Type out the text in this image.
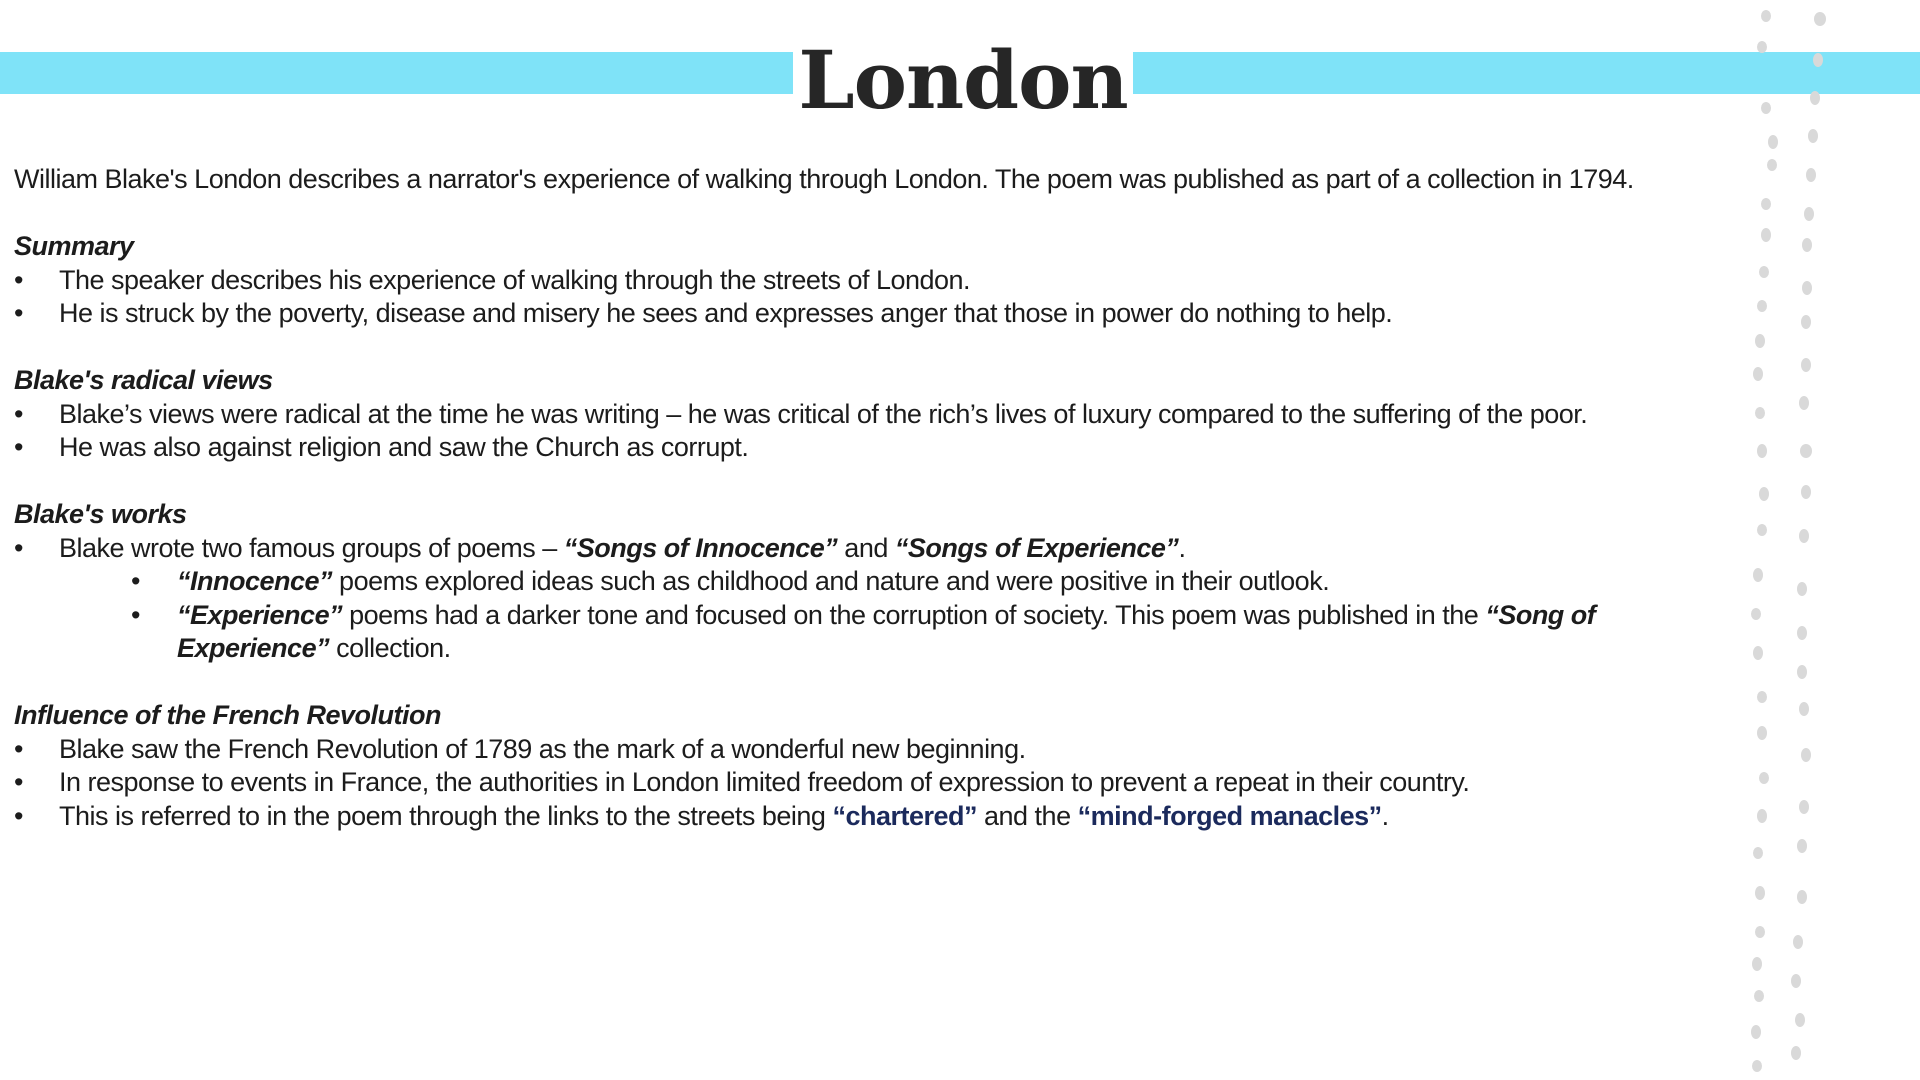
London

William Blake's London describes a narrator's experience of walking through London. The poem was published as part of a collection in 1794.

Summary

• The speaker describes his experience of walking through the streets of London.
• He is struck by the poverty, disease and misery he sees and expresses anger that those in power do nothing to help.

Blake's radical views

• Blake’s views were radical at the time he was writing – he was critical of the rich’s lives of luxury compared to the suffering of the poor.
• He was also against religion and saw the Church as corrupt.

Blake's works

• Blake wrote two famous groups of poems – “Songs of Innocence” and “Songs of Experience”.
• “Innocence” poems explored ideas such as childhood and nature and were positive in their outlook.
• “Experience” poems had a darker tone and focused on the corruption of society. This poem was published in the “Song of Experience” collection.

Influence of the French Revolution

• Blake saw the French Revolution of 1789 as the mark of a wonderful new beginning.
• In response to events in France, the authorities in London limited freedom of expression to prevent a repeat in their country.
• This is referred to in the poem through the links to the streets being “chartered” and the “mind-forged manacles”.
